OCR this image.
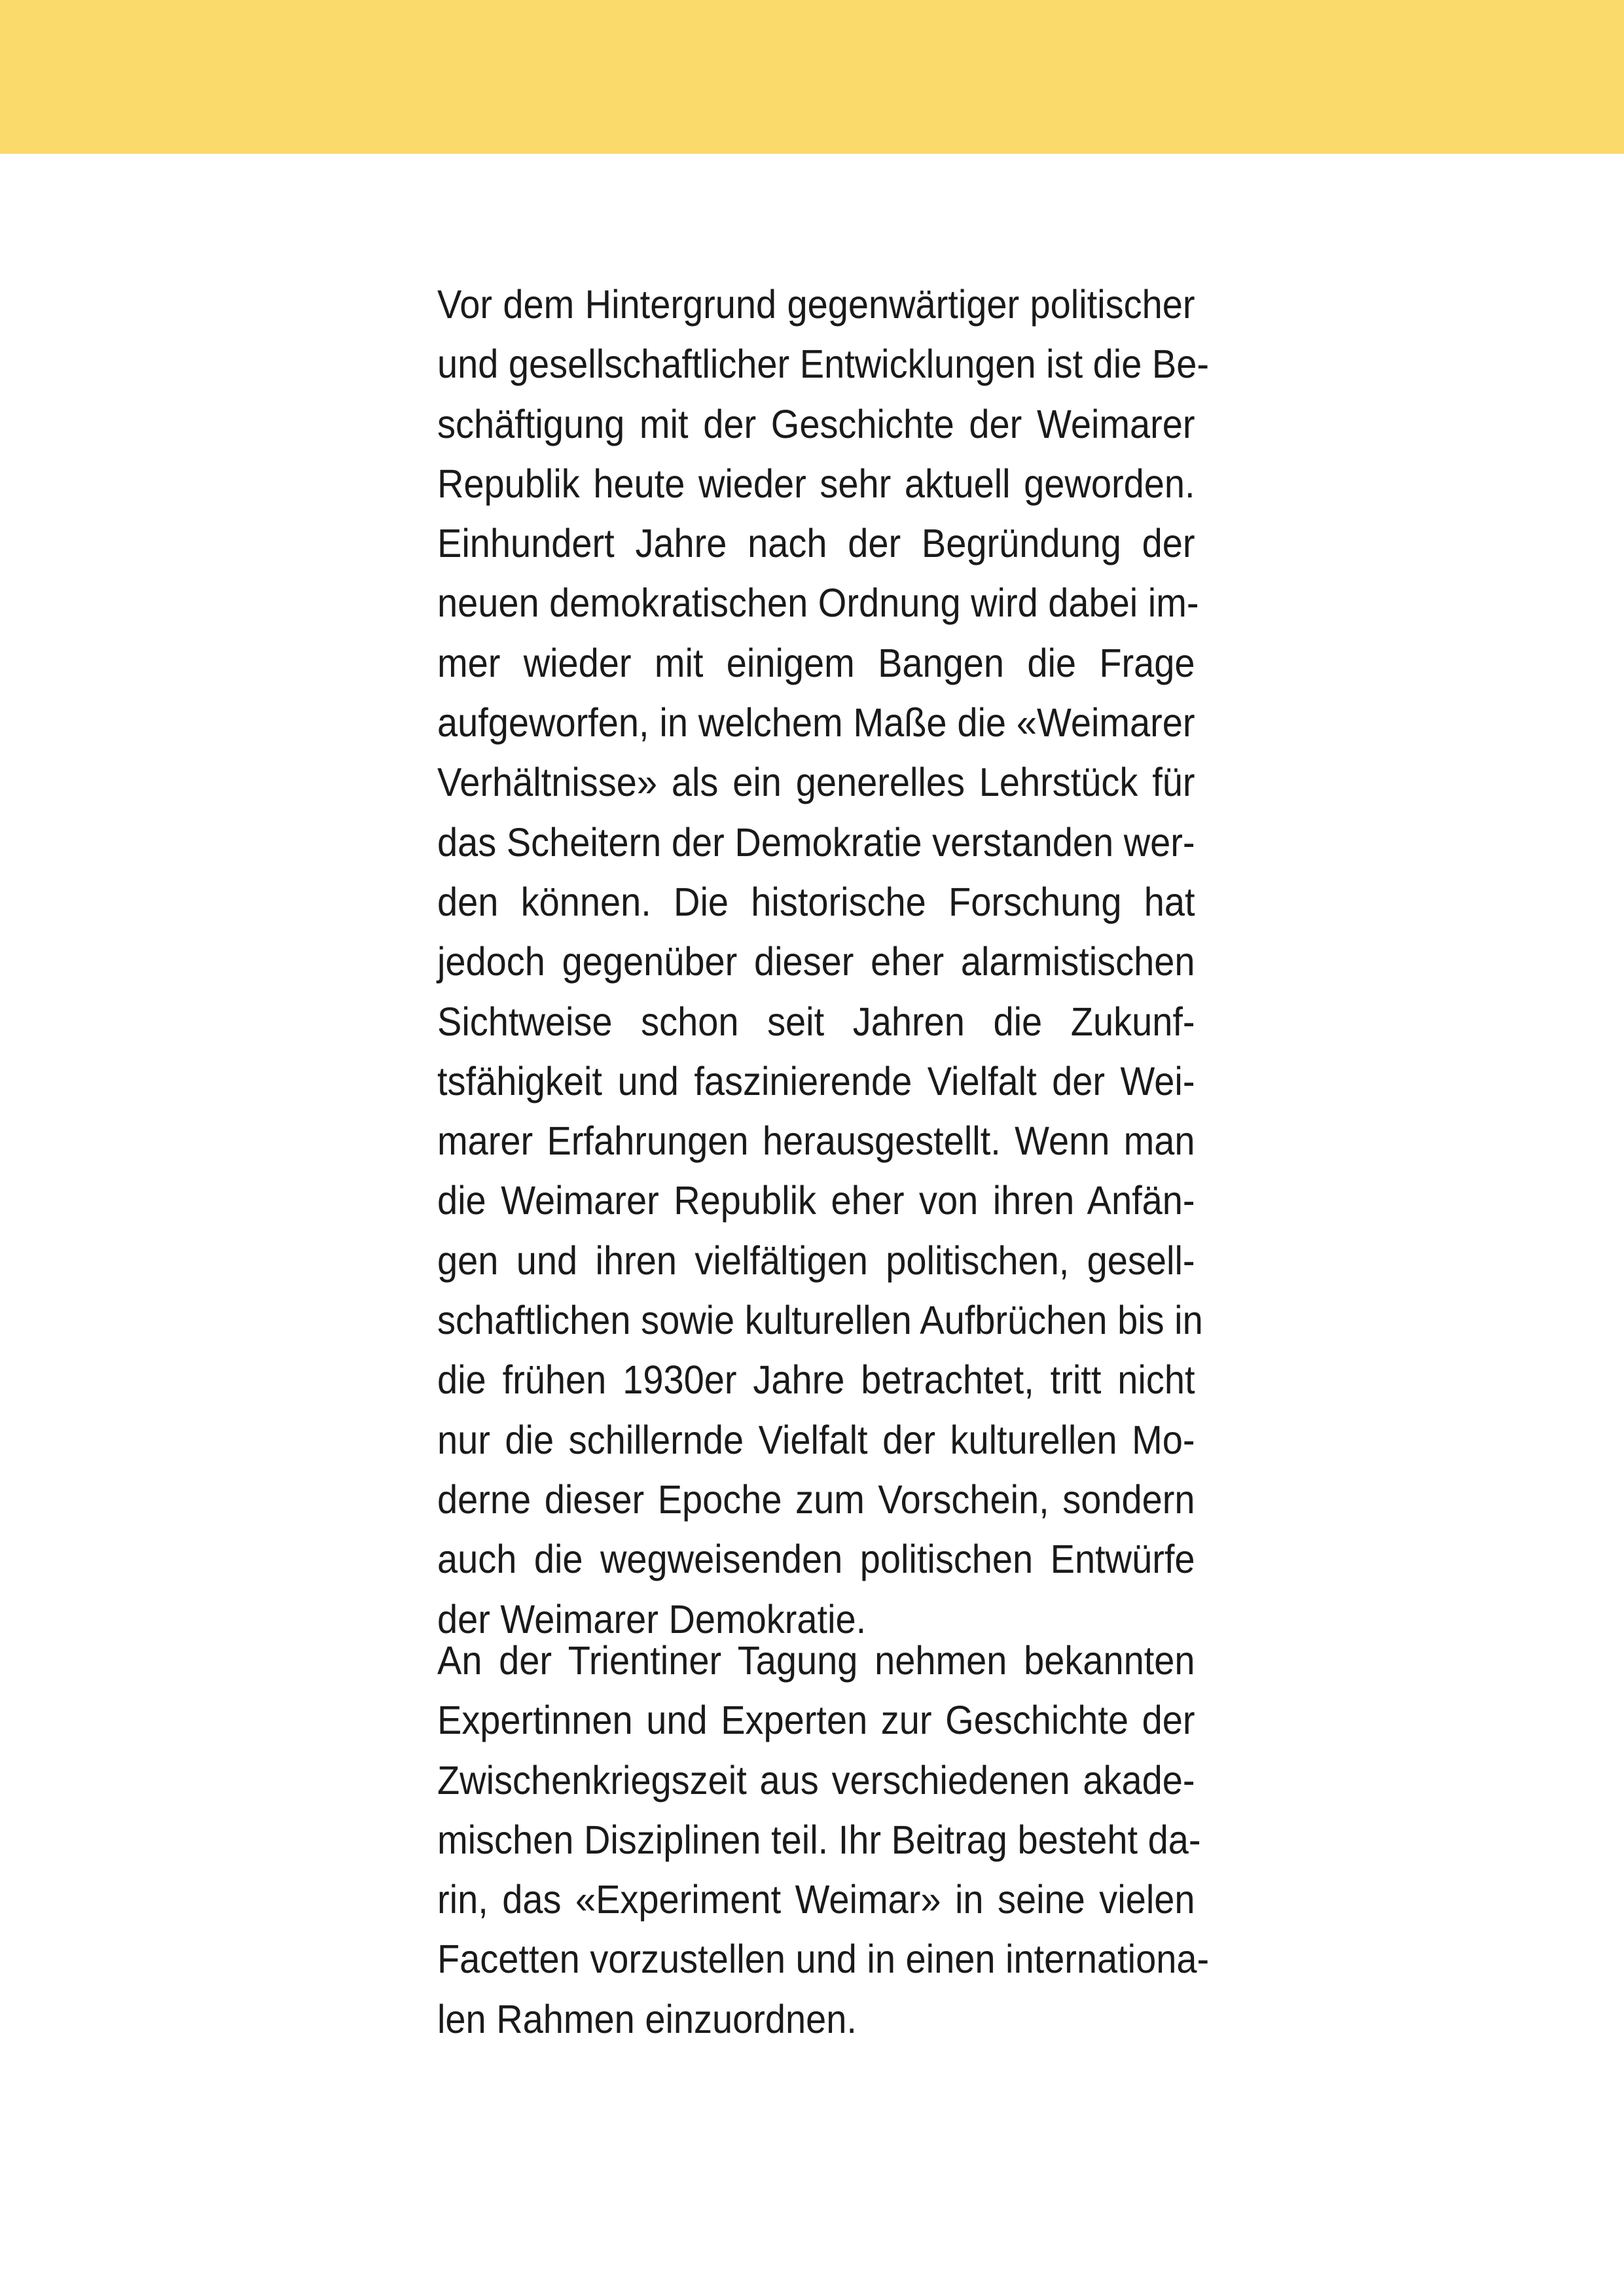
Vor dem Hintergrund gegenwärtiger politischer
und gesellschaftlicher Entwicklungen ist die Be-
schäftigung mit der Geschichte der Weimarer
Republik heute wieder sehr aktuell geworden.
Einhundert Jahre nach der Begründung der
neuen demokratischen Ordnung wird dabei im-
mer wieder mit einigem Bangen die Frage
aufgeworfen, in welchem Maße die «Weimarer
Verhältnisse» als ein generelles Lehrstück für
das Scheitern der Demokratie verstanden wer-
den können. Die historische Forschung hat
jedoch gegenüber dieser eher alarmistischen
Sichtweise schon seit Jahren die Zukunf-
tsfähigkeit und faszinierende Vielfalt der Wei-
marer Erfahrungen herausgestellt. Wenn man
die Weimarer Republik eher von ihren Anfän-
gen und ihren vielfältigen politischen, gesell-
schaftlichen sowie kulturellen Aufbrüchen bis in
die frühen 1930er Jahre betrachtet, tritt nicht
nur die schillernde Vielfalt der kulturellen Mo-
derne dieser Epoche zum Vorschein, sondern
auch die wegweisenden politischen Entwürfe
der Weimarer Demokratie.

An der Trientiner Tagung nehmen bekannten
Expertinnen und Experten zur Geschichte der
Zwischenkriegszeit aus verschiedenen akade-
mischen Disziplinen teil. Ihr Beitrag besteht da-
rin, das «Experiment Weimar» in seine vielen
Facetten vorzustellen und in einen internationa-
len Rahmen einzuordnen.
